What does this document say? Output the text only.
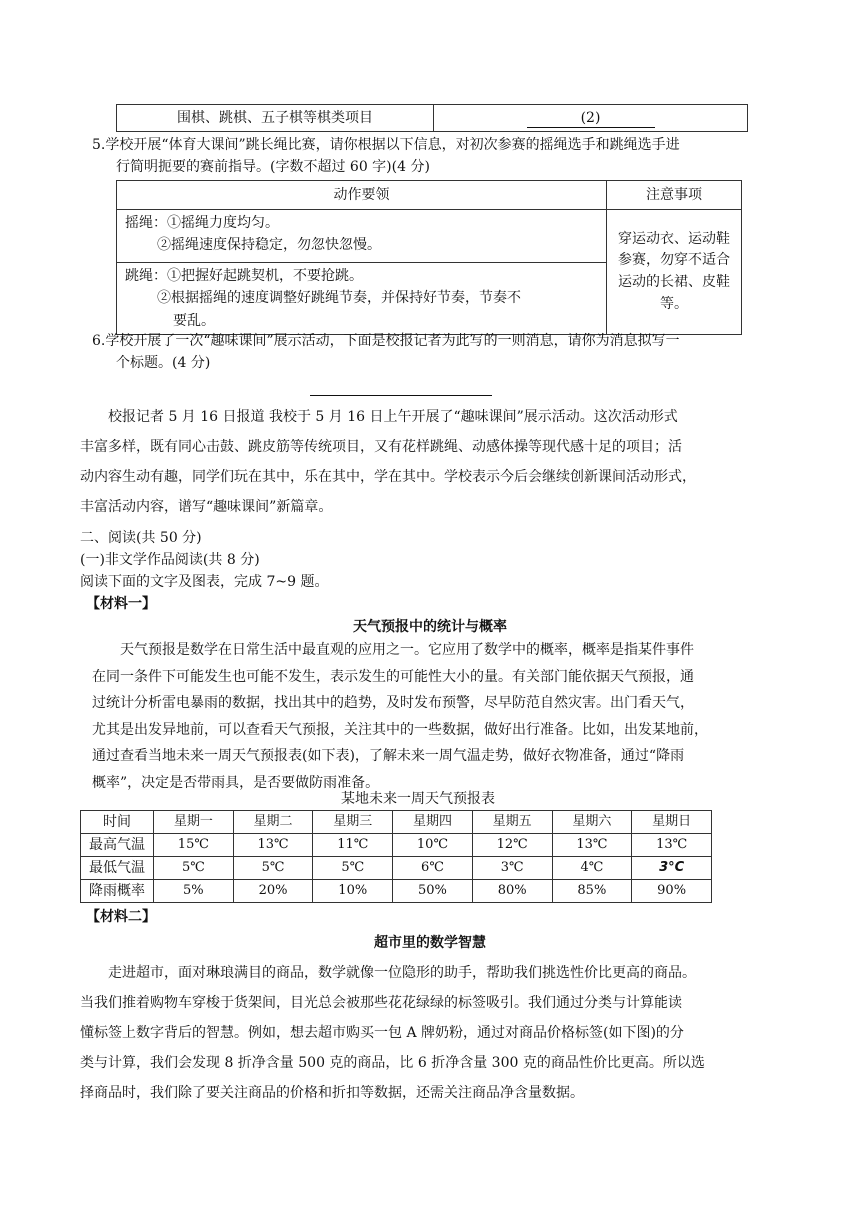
围棋、跳棋、五子棋等棋类项目	(2)
5.学校开展“体育大课间”跳长绳比赛，请你根据以下信息，对初次参赛的摇绳选手和跳绳选手进
行简明扼要的赛前指导。(字数不超过 60 字)(4 分)
动作要领	注意事项

摇绳：①摇绳力度均匀。
②摇绳速度保持稳定，勿忽快忽慢。	穿运动衣、运动鞋
参赛，勿穿不适合
运动的长裙、皮鞋
等。

跳绳：①把握好起跳契机，不要抢跳。
②根据摇绳的速度调整好跳绳节奏，并保持好节奏，节奏不
要乱。	
6.学校开展了一次“趣味课间”展示活动，下面是校报记者为此写的一则消息，请你为消息拟写一
个标题。(4 分)
校报记者 5 月 16 日报道 我校于 5 月 16 日上午开展了“趣味课间”展示活动。这次活动形式
丰富多样，既有同心击鼓、跳皮筋等传统项目，又有花样跳绳、动感体操等现代感十足的项目；活
动内容生动有趣，同学们玩在其中，乐在其中，学在其中。学校表示今后会继续创新课间活动形式，
丰富活动内容，谱写“趣味课间”新篇章。
二、阅读(共 50 分)
(一)非文学作品阅读(共 8 分)
阅读下面的文字及图表，完成 7~9 题。
【材料一】
天气预报中的统计与概率
天气预报是数学在日常生活中最直观的应用之一。它应用了数学中的概率，概率是指某件事件
在同一条件下可能发生也可能不发生，表示发生的可能性大小的量。有关部门能依据天气预报，通
过统计分析雷电暴雨的数据，找出其中的趋势，及时发布预警，尽早防范自然灾害。出门看天气，
尤其是出发异地前，可以查看天气预报，关注其中的一些数据，做好出行准备。比如，出发某地前，
通过查看当地未来一周天气预报表(如下表)，了解未来一周气温走势，做好衣物准备，通过“降雨
概率”，决定是否带雨具，是否要做防雨准备。
某地未来一周天气预报表
时间	星期一	星期二	星期三	星期四	星期五	星期六	星期日
最高气温	15℃	13℃	11℃	10℃	12℃	13℃	13℃
最低气温	5℃	5℃	5℃	6℃	3℃	4℃	3°C
降雨概率	5%	20%	10%	50%	80%	85%	90%
【材料二】
超市里的数学智慧
走进超市，面对琳琅满目的商品，数学就像一位隐形的助手，帮助我们挑选性价比更高的商品。
当我们推着购物车穿梭于货架间，目光总会被那些花花绿绿的标签吸引。我们通过分类与计算能读
懂标签上数字背后的智慧。例如，想去超市购买一包 A 牌奶粉，通过对商品价格标签(如下图)的分
类与计算，我们会发现 8 折净含量 500 克的商品，比 6 折净含量 300 克的商品性价比更高。所以选
择商品时，我们除了要关注商品的价格和折扣等数据，还需关注商品净含量数据。
